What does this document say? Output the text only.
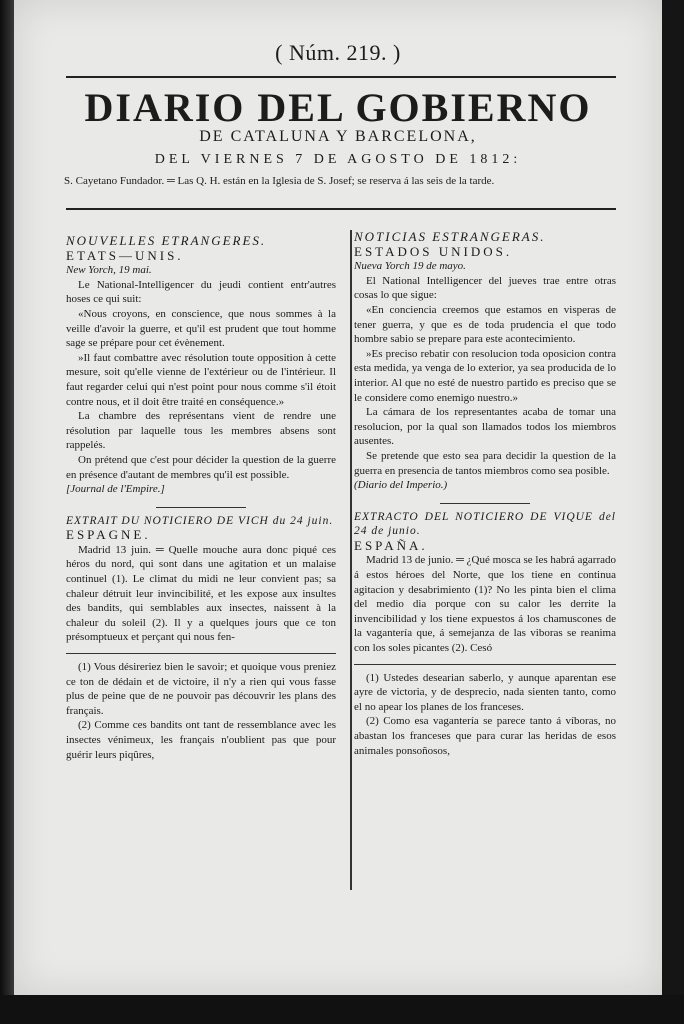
( Núm. 219. )
DIARIO DEL GOBIERNO
DE CATALUNA Y BARCELONA,
DEL VIERNES 7 DE AGOSTO DE 1812:
S. Cayetano Fundador. ═ Las Q. H. están en la Iglesia de S. Josef; se reserva á las seis de la tarde.

NOUVELLES ETRANGERES.

ETATS—UNIS.

New Yorch, 19 mai.

Le National-Intelligencer du jeudi contient entr'autres hoses ce qui suit:

«Nous croyons, en conscience, que nous sommes à la veille d'avoir la guerre, et qu'il est prudent que tout homme sage se prépare pour cet évènement.

»Il faut combattre avec résolution toute opposition à cette mesure, soit qu'elle vienne de l'extérieur ou de l'intérieur. Il faut regarder celui qui n'est point pour nous comme s'il étoit contre nous, et il doit être traité en conséquence.»

La chambre des représentans vient de rendre une résolution par laquelle tous les membres absens sont rappelés.

On prétend que c'est pour décider la question de la guerre en présence d'autant de membres qu'il est possible.

[Journal de l'Empire.]

EXTRAIT DU NOTICIERO DE VICH du 24 juin.

ESPAGNE.

Madrid 13 juin. ═ Quelle mouche aura donc piqué ces héros du nord, qui sont dans une agitation et un malaise continuel (1). Le climat du midi ne leur convient pas; sa chaleur détruit leur invincibilité, et les expose aux insultes des bandits, qui semblables aux insectes, naissent à la chaleur du soleil (2). Il y a quelques jours que ce ton présomptueux et perçant qui nous fen-

(1) Vous désireriez bien le savoir; et quoique vous preniez ce ton de dédain et de victoire, il n'y a rien qui vous fasse plus de peine que de ne pouvoir pas découvrir les plans des français.

(2) Comme ces bandits ont tant de ressemblance avec les insectes vénimeux, les français n'oublient pas que pour guérir leurs piqûres,

NOTICIAS ESTRANGERAS.

ESTADOS UNIDOS.

Nueva Yorch 19 de mayo.

El National Intelligencer del jueves trae entre otras cosas lo que sigue:

«En conciencia creemos que estamos en visperas de tener guerra, y que es de toda prudencia el que todo hombre sabio se prepare para este acontecimiento.

»Es preciso rebatir con resolucion toda oposicion contra esta medida, ya venga de lo exterior, ya sea producida de lo interior. Al que no esté de nuestro partido es preciso que se le considere como enemigo nuestro.»

La cámara de los representantes acaba de tomar una resolucion, por la qual son llamados todos los miembros ausentes.

Se pretende que esto sea para decidir la question de la guerra en presencia de tantos miembros como sea posible.

(Diario del Imperio.)

EXTRACTO DEL NOTICIERO DE VIQUE del 24 de junio.

ESPAÑA.

Madrid 13 de junio. ═ ¿Qué mosca se les habrá agarrado á estos héroes del Norte, que los tiene en continua agitacion y desabrimiento (1)? No les pinta bien el clima del medio dia porque con su calor les derrite la invencibilidad y los tiene expuestos á los chamuscones de la vagantería que, á semejanza de las viboras se reanima con los soles picantes (2). Cesó

(1) Ustedes desearian saberlo, y aunque aparentan ese ayre de victoria, y de desprecio, nada sienten tanto, como el no apear los planes de los franceses.

(2) Como esa vagantería se parece tanto á víboras, no abastan los franceses que para curar las heridas de esos animales ponsoñosos,
